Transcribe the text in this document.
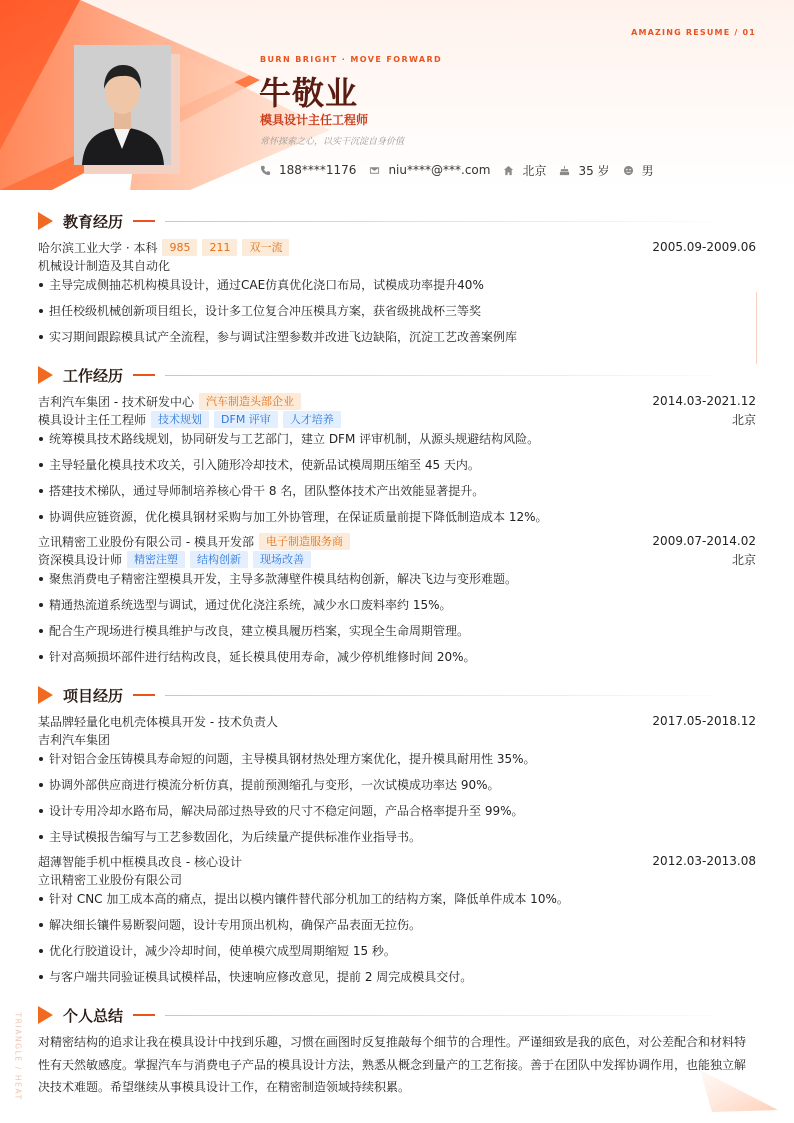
AMAZING RESUME / 01
BURN BRIGHT · MOVE FORWARD
牛敬业
模具设计主任工程师
常怀探索之心，以实干沉淀自身价值
188****1176	niu****@***.com	北京	35 岁	男
教育经历
哈尔滨工业大学 · 本科	985	211	双一流	2005.09-2009.06
机械设计制造及其自动化
主导完成侧抽芯机构模具设计，通过CAE仿真优化浇口布局，试模成功率提升40%
担任校级机械创新项目组长，设计多工位复合冲压模具方案，获省级挑战杯三等奖
实习期间跟踪模具试产全流程，参与调试注塑参数并改进飞边缺陷，沉淀工艺改善案例库
工作经历
吉利汽车集团 - 技术研发中心	汽车制造头部企业	2014.03-2021.12
模具设计主任工程师	技术规划	DFM 评审	人才培养	北京
统筹模具技术路线规划，协同研发与工艺部门，建立 DFM 评审机制，从源头规避结构风险。
主导轻量化模具技术攻关，引入随形冷却技术，使新品试模周期压缩至 45 天内。
搭建技术梯队，通过导师制培养核心骨干 8 名，团队整体技术产出效能显著提升。
协调供应链资源，优化模具钢材采购与加工外协管理，在保证质量前提下降低制造成本 12%。
立讯精密工业股份有限公司 - 模具开发部	电子制造服务商	2009.07-2014.02
资深模具设计师	精密注塑	结构创新	现场改善	北京
聚焦消费电子精密注塑模具开发，主导多款薄壁件模具结构创新，解决飞边与变形难题。
精通热流道系统选型与调试，通过优化浇注系统，减少水口废料率约 15%。
配合生产现场进行模具维护与改良，建立模具履历档案，实现全生命周期管理。
针对高频损坏部件进行结构改良，延长模具使用寿命，减少停机维修时间 20%。
项目经历
某品牌轻量化电机壳体模具开发 - 技术负责人	2017.05-2018.12
吉利汽车集团
针对铝合金压铸模具寿命短的问题，主导模具钢材热处理方案优化，提升模具耐用性 35%。
协调外部供应商进行模流分析仿真，提前预测缩孔与变形，一次试模成功率达 90%。
设计专用冷却水路布局，解决局部过热导致的尺寸不稳定问题，产品合格率提升至 99%。
主导试模报告编写与工艺参数固化，为后续量产提供标准作业指导书。
超薄智能手机中框模具改良 - 核心设计	2012.03-2013.08
立讯精密工业股份有限公司
针对 CNC 加工成本高的痛点，提出以模内镶件替代部分机加工的结构方案，降低单件成本 10%。
解决细长镶件易断裂问题，设计专用顶出机构，确保产品表面无拉伤。
优化行胶道设计，减少冷却时间，使单模穴成型周期缩短 15 秒。
与客户端共同验证模具试模样品，快速响应修改意见，提前 2 周完成模具交付。
个人总结
对精密结构的追求让我在模具设计中找到乐趣，习惯在画图时反复推敲每个细节的合理性。严谨细致是我的底色，对公差配合和材料特性有天然敏感度。掌握汽车与消费电子产品的模具设计方法，熟悉从概念到量产的工艺衔接。善于在团队中发挥协调作用，也能独立解决技术难题。希望继续从事模具设计工作，在精密制造领域持续积累。
TRIANGLE / HEAT
